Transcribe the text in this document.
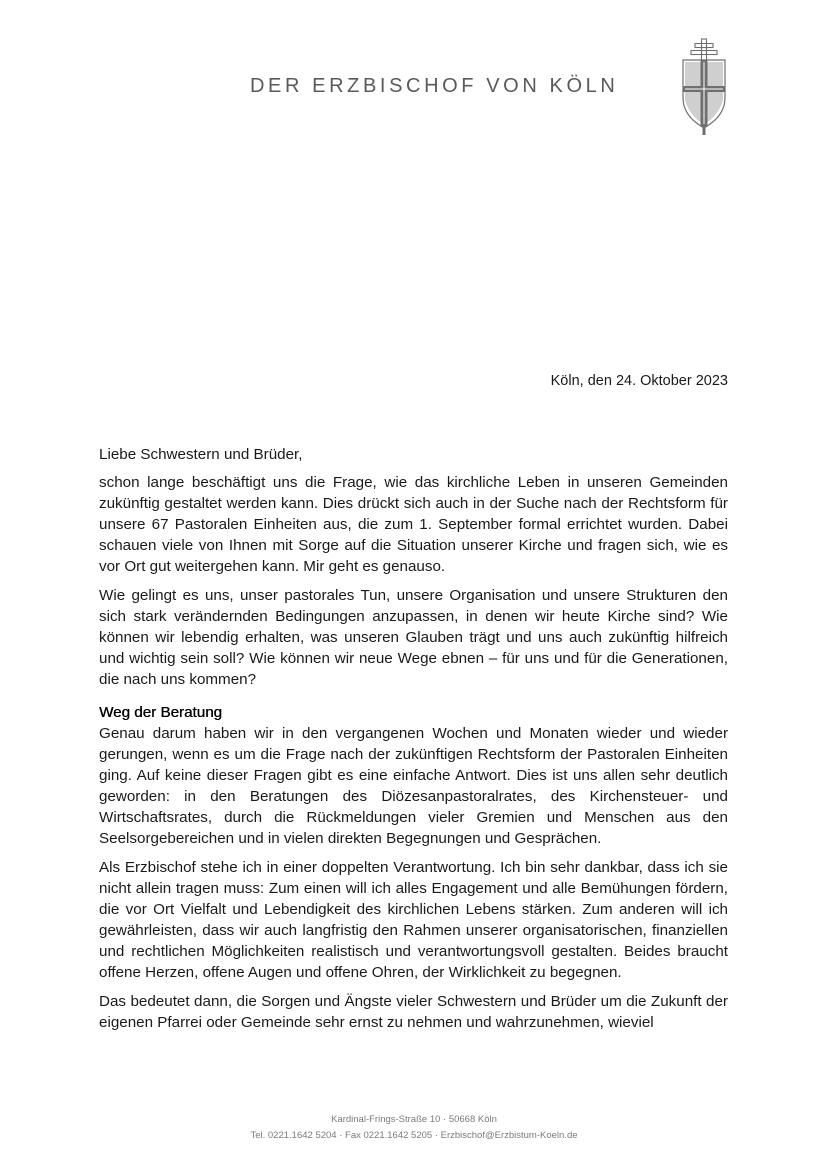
DER ERZBISCHOF VON KÖLN
Köln, den 24. Oktober 2023

Liebe Schwestern und Brüder,

schon lange beschäftigt uns die Frage, wie das kirchliche Leben in unseren Gemeinden zukünftig gestaltet werden kann. Dies drückt sich auch in der Suche nach der Rechtsform für unsere 67 Pastoralen Einheiten aus, die zum 1. September formal errichtet wurden. Dabei schauen viele von Ihnen mit Sorge auf die Situation unserer Kirche und fragen sich, wie es vor Ort gut weitergehen kann. Mir geht es genauso.

Wie gelingt es uns, unser pastorales Tun, unsere Organisation und unsere Strukturen den sich stark verändernden Bedingungen anzupassen, in denen wir heute Kirche sind? Wie können wir lebendig erhalten, was unseren Glauben trägt und uns auch zukünftig hilfreich und wichtig sein soll? Wie können wir neue Wege ebnen – für uns und für die Generationen, die nach uns kommen?

Weg der Beratung

Genau darum haben wir in den vergangenen Wochen und Monaten wieder und wieder gerungen, wenn es um die Frage nach der zukünftigen Rechtsform der Pastoralen Einheiten ging. Auf keine dieser Fragen gibt es eine einfache Antwort. Dies ist uns allen sehr deutlich geworden: in den Beratungen des Diözesanpastoralrates, des Kirchensteuer- und Wirtschaftsrates, durch die Rückmeldungen vieler Gremien und Menschen aus den Seelsorgebereichen und in vielen direkten Begegnungen und Gesprächen.

Als Erzbischof stehe ich in einer doppelten Verantwortung. Ich bin sehr dankbar, dass ich sie nicht allein tragen muss: Zum einen will ich alles Engagement und alle Bemühungen fördern, die vor Ort Vielfalt und Lebendigkeit des kirchlichen Lebens stärken. Zum anderen will ich gewährleisten, dass wir auch langfristig den Rahmen unserer organisatorischen, finanziellen und rechtlichen Möglichkeiten realistisch und verantwortungsvoll gestalten. Beides braucht offene Herzen, offene Augen und offene Ohren, der Wirklichkeit zu begegnen.

Das bedeutet dann, die Sorgen und Ängste vieler Schwestern und Brüder um die Zukunft der eigenen Pfarrei oder Gemeinde sehr ernst zu nehmen und wahrzunehmen, wieviel

Kardinal-Frings-Straße 10 · 50668 Köln
Tel. 0221.1642 5204 · Fax 0221.1642 5205 · Erzbischof@Erzbistum-Koeln.de
